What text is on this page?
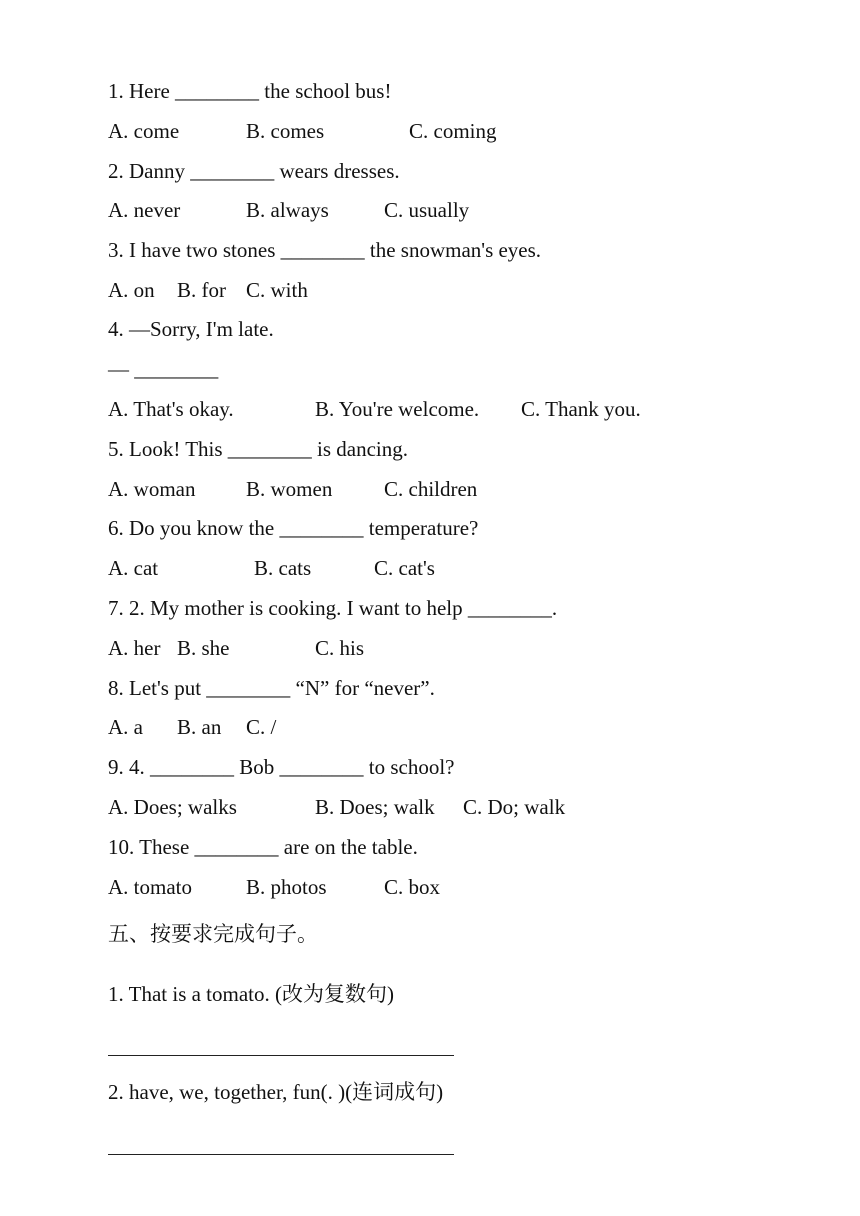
1. Here ________ the school bus!

A. come

	B. comes

	C. coming

2. Danny ________ wears dresses.

A. never

	B. always

	C. usually

3. I have two stones ________ the snowman's eyes.

A. on

B. for

C. with

4. —Sorry, I'm late.
— ________

A. That's okay.

	B. You're welcome.

C. Thank you.

5. Look! This ________ is dancing.

A. woman

B. women

C. children

6. Do you know the ________ temperature?

A. cat

	B. cats

	C. cat's

7. 2. My mother is cooking. I want to help ________.

A. her

B. she

	C. his

8. Let's put ________ “N” for “never”.

A. a

B. an

C. /

9. 4. ________ Bob ________ to school?

A. Does; walks

	B. Does; walk

C. Do; walk

10. These ________ are on the table.

A. tomato

	B. photos

	C. box

五、按要求完成句子。
1. That is a tomato. (改为复数句)
2. have, we, together, fun(. )(连词成句)
